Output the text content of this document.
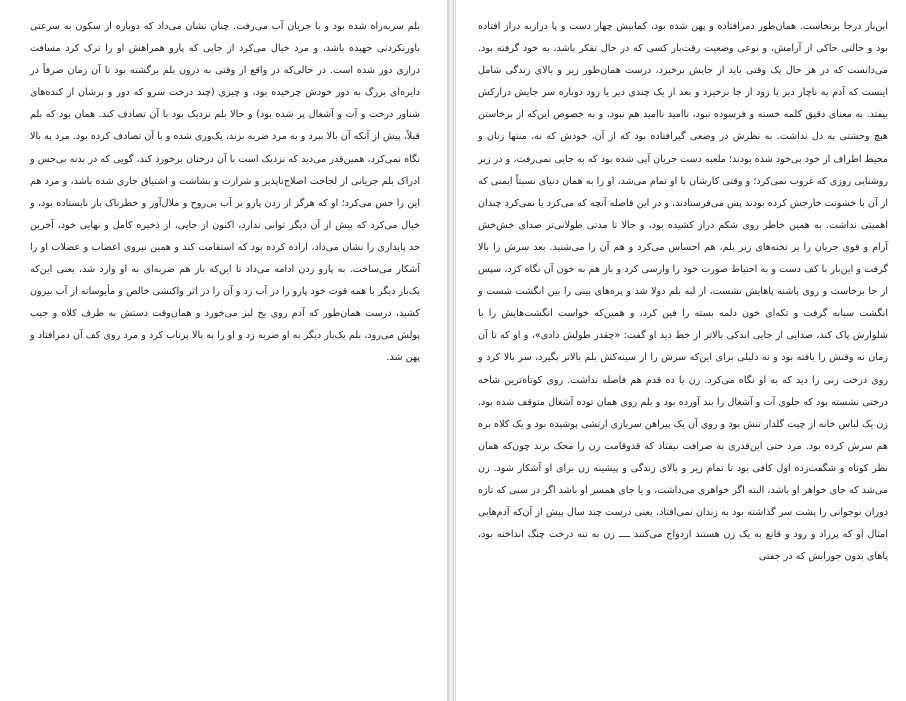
بلم سربه‌راه شده بود و با جریان آب می‌رفت. چنان نشان می‌داد که دوباره از سکون به سرعتی باورنکردنی جهیده باشد، و مرد خیال می‌کرد از جایی که پارو همراهش او را ترک کرد مسافت درازی دور شده است. در حالی‌که در واقع از وقتی به درون بلم برگشته بود تا آن زمان صرفاً در دایره‌ای بزرگ به دور خودش چرخیده بود، و چیزی (چند درخت سرو که دور و برشان از کنده‌های شناور درخت و آت و آشغال پر شده بود) و حالا بلم نزدیک بود با آن تصادف کند. همان بود که بلم قبلاً، پیش از آنکه آن بالا ببرد و به مرد ضربه بزند، یک‌وری شده و با آن تصادف کرده بود. مرد به بالا نگاه نمی‌کرد، همین‌قدر می‌دید که نزدیک است با آن درختان برخورد کند، گویی که در بدنه بی‌حس و ادراک بلم جریانی از لجاجت اصلاح‌ناپذیر و شرارت و بشاشت و اشتیاق جاری شده باشد، و مرد هم این را حس می‌کرد؛ او که هرگز از زدن پارو بر آب بی‌روح و ملال‌آور و خطرناک باز نایستاده بود، و خیال می‌کرد که بیش از آن دیگر توانی ندارد، اکنون از جایی، از ذخیره کامل و نهایی خود، آخرین حد پایداری را نشان می‌داد، اراده کرده بود که استقامت کند و همین نیروی اعصاب و عضلات او را آشکار می‌ساخت. به پارو زدن ادامه می‌داد تا این‌که باز هم ضربه‌ای به او وارد شد، یعنی این‌که یک‌بار دیگر با همه قوت خود پارو را در آب زد و آن را در اثر واکنشی خالص و مأیوسانه از آب بیرون کشید، درست همان‌طور که آدم روی یخ لیز می‌خورد و همان‌وقت دستش به طرف کلاه و جیب پولش می‌رود، بلم یک‌بار دیگر به او ضربه زد و او را به بالا پرتاب کرد و مرد روی کف آن دمرافتاد و پهن شد.

این‌بار درجا برنخاست. همان‌طور دمرافتاده و پهن شده بود، کمابیش چهار دست و پا درازبه دراز افتاده بود و حالتی حاکی از آرامش، و نوعی وضعیت رقت‌بار کسی که در حال تفکر باشد، به خود گرفته بود. می‌دانست که در هر حال یک وقتی باید از جایش برخیزد، درست همان‌طور زیر و بالای زندگی شامل اینست که آدم به ناچار دیر یا زود از جا برخیزد و بعد از یک چندی دیر یا زود دوباره سر جایش درازکش بیفتد. به معنای دقیق کلمه خسته و فرسوده نبود، ناامید ناامید هم نبود، و به خصوص این‌که از برخاستن هیچ وحشتی به دل نداشت. به نظرش در وضعی گیرافتاده بود که از آن، خودش که نه، منتها زنان و محیط اطراف از خود بی‌خود شده بودند؛ ملعبه دست جریان آبی شده بود که به جایی نمی‌رفت، و در زیر روشنایی روزی که غروب نمی‌کرد؛ و وقتی کارشان با او تمام می‌شد، او را به همان دنیای نسبتاً ایمنی که از آن با خشونت خارجش کرده بودند پس می‌فرستادند، و در این فاصله آنچه که می‌کرد یا نمی‌کرد چندان اهمیتی نداشت. به همین خاطر روی شکم دراز کشیده بود، و حالا تا مدتی طولانی‌تر صدای خش‌خش آرام و قوی جریان را بر تخته‌های زیر بلم، هم احساس می‌کرد و هم آن را می‌شنید. بعد سرش را بالا گرفت و این‌بار با کف دست و به احتیاط صورت خود را وارسی کرد و باز هم به خون آن نگاه کرد، سپس از جا برخاست و روی پاشنه پاهایش نشست، از لبه بلم دولا شد و پره‌های بینی را بین انگشت شست و انگشت سبابه گرفت و تکه‌ای خون دلمه بسته را فین کرد، و همین‌که خواست انگشت‌هایش را با شلوارش پاک کند، صدایی از جایی اندکی بالاتر از خط دید او گفت: «چقدر طولش دادی»، و او که تا آن زمان نه وقتش را یافته بود و نه دلیلی برای این‌که سرش را از سینه‌کش بلم بالاتر بگیرد، سر بالا کرد و روی درخت زنی را دید که به او نگاه می‌کرد. زن با ده قدم هم فاصله نداشت. روی کوتاه‌ترین شاخه درختی نشسته بود که جلوی آت و آشغال را بند آورده بود و بلم روی همان توده آشغال متوقف شده بود. زن یک لباس خانه از چیت گلدار تنش بود و روی آن یک پیراهن سربازی ارتشی پوشیده بود و یک کلاه بره هم سرش کرده بود. مرد حتی این‌قدری به صرافت نیفتاد که قدوقامت زن را محک بزند چون‌که همان نظر کوتاه و شگفت‌زده اول کافی بود تا تمام زیر و بالای زندگی و پیشینه زن برای او آشکار شود. زن می‌شد که جای خواهر او باشد، البته اگر خواهری می‌داشت، و یا جای همسر او باشد اگر در سنی که تازه دوران نوجوانی را پشت سر گذاشته بود به زندان نمی‌افتاد، یعنی درست چند سال پیش از آن‌که آدم‌هایی امثال او که پرزاد و رود و قانع به یک زن هستند ازدواج می‌کنند ــــ زن به تنه درخت چنگ انداخته بود، پاهای بدون جورابش که در جفتی
